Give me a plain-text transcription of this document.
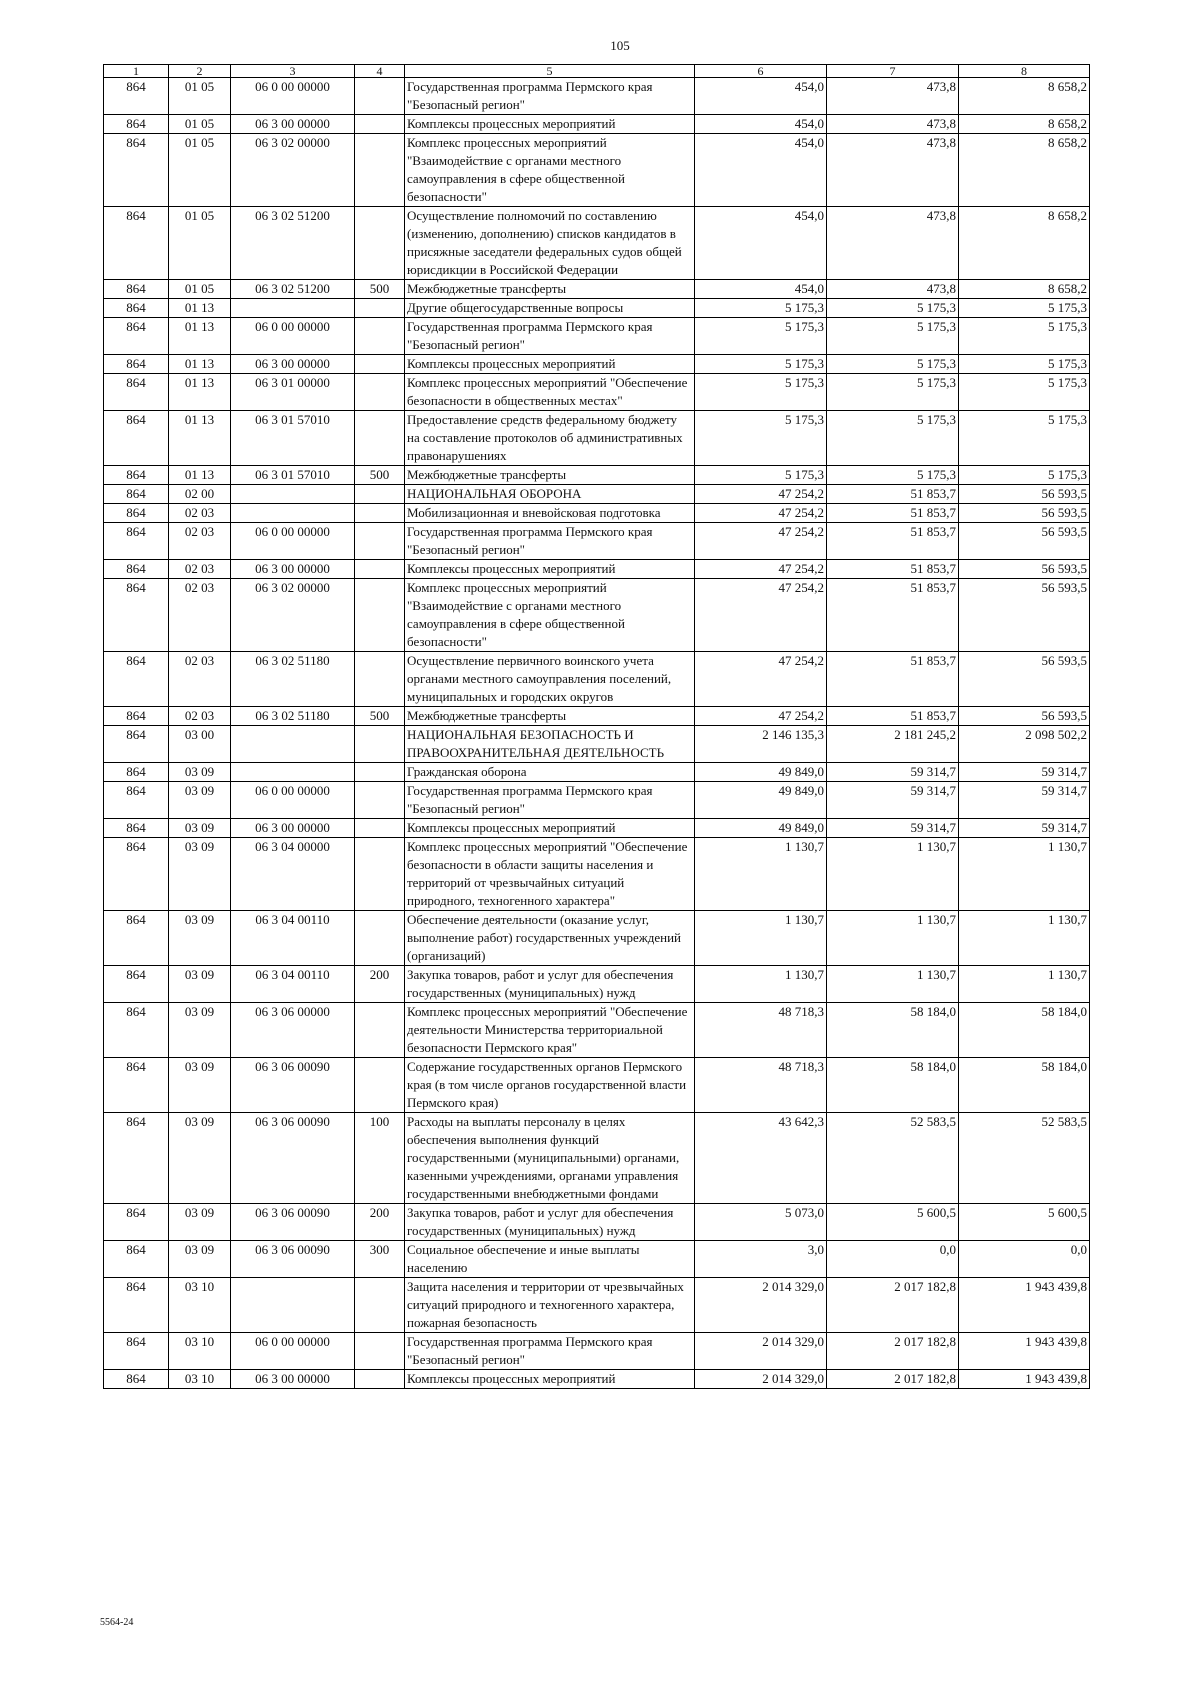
105
1	2	3	4	5	6	7	8
864	01 05	06 0 00 00000		Государственная программа Пермского края "Безопасный регион"	454,0	473,8	8 658,2
864	01 05	06 3 00 00000		Комплексы процессных мероприятий	454,0	473,8	8 658,2
864	01 05	06 3 02 00000		Комплекс процессных мероприятий "Взаимодействие с органами местного самоуправления в сфере общественной безопасности"	454,0	473,8	8 658,2
864	01 05	06 3 02 51200		Осуществление полномочий по составлению (изменению, дополнению) списков кандидатов в присяжные заседатели федеральных судов общей юрисдикции в Российской Федерации	454,0	473,8	8 658,2
864	01 05	06 3 02 51200	500	Межбюджетные трансферты	454,0	473,8	8 658,2
864	01 13			Другие общегосударственные вопросы	5 175,3	5 175,3	5 175,3
864	01 13	06 0 00 00000		Государственная программа Пермского края "Безопасный регион"	5 175,3	5 175,3	5 175,3
864	01 13	06 3 00 00000		Комплексы процессных мероприятий	5 175,3	5 175,3	5 175,3
864	01 13	06 3 01 00000		Комплекс процессных мероприятий "Обеспечение безопасности в общественных местах"	5 175,3	5 175,3	5 175,3
864	01 13	06 3 01 57010		Предоставление средств федеральному бюджету на составление протоколов об административных правонарушениях	5 175,3	5 175,3	5 175,3
864	01 13	06 3 01 57010	500	Межбюджетные трансферты	5 175,3	5 175,3	5 175,3
864	02 00			НАЦИОНАЛЬНАЯ ОБОРОНА	47 254,2	51 853,7	56 593,5
864	02 03			Мобилизационная и вневойсковая подготовка	47 254,2	51 853,7	56 593,5
864	02 03	06 0 00 00000		Государственная программа Пермского края "Безопасный регион"	47 254,2	51 853,7	56 593,5
864	02 03	06 3 00 00000		Комплексы процессных мероприятий	47 254,2	51 853,7	56 593,5
864	02 03	06 3 02 00000		Комплекс процессных мероприятий "Взаимодействие с органами местного самоуправления в сфере общественной безопасности"	47 254,2	51 853,7	56 593,5
864	02 03	06 3 02 51180		Осуществление первичного воинского учета органами местного самоуправления поселений, муниципальных и городских округов	47 254,2	51 853,7	56 593,5
864	02 03	06 3 02 51180	500	Межбюджетные трансферты	47 254,2	51 853,7	56 593,5
864	03 00			НАЦИОНАЛЬНАЯ БЕЗОПАСНОСТЬ И ПРАВООХРАНИТЕЛЬНАЯ ДЕЯТЕЛЬНОСТЬ	2 146 135,3	2 181 245,2	2 098 502,2
864	03 09			Гражданская оборона	49 849,0	59 314,7	59 314,7
864	03 09	06 0 00 00000		Государственная программа Пермского края "Безопасный регион"	49 849,0	59 314,7	59 314,7
864	03 09	06 3 00 00000		Комплексы процессных мероприятий	49 849,0	59 314,7	59 314,7
864	03 09	06 3 04 00000		Комплекс процессных мероприятий "Обеспечение безопасности в области защиты населения и территорий от чрезвычайных ситуаций природного, техногенного характера"	1 130,7	1 130,7	1 130,7
864	03 09	06 3 04 00110		Обеспечение деятельности (оказание услуг, выполнение работ) государственных учреждений (организаций)	1 130,7	1 130,7	1 130,7
864	03 09	06 3 04 00110	200	Закупка товаров, работ и услуг для обеспечения государственных (муниципальных) нужд	1 130,7	1 130,7	1 130,7
864	03 09	06 3 06 00000		Комплекс процессных мероприятий "Обеспечение деятельности Министерства территориальной безопасности Пермского края"	48 718,3	58 184,0	58 184,0
864	03 09	06 3 06 00090		Содержание государственных органов Пермского края (в том числе органов государственной власти Пермского края)	48 718,3	58 184,0	58 184,0
864	03 09	06 3 06 00090	100	Расходы на выплаты персоналу в целях обеспечения выполнения функций государственными (муниципальными) органами, казенными учреждениями, органами управления государственными внебюджетными фондами	43 642,3	52 583,5	52 583,5
864	03 09	06 3 06 00090	200	Закупка товаров, работ и услуг для обеспечения государственных (муниципальных) нужд	5 073,0	5 600,5	5 600,5
864	03 09	06 3 06 00090	300	Социальное обеспечение и иные выплаты населению	3,0	0,0	0,0
864	03 10			Защита населения и территории от чрезвычайных ситуаций природного и техногенного характера, пожарная безопасность	2 014 329,0	2 017 182,8	1 943 439,8
864	03 10	06 0 00 00000		Государственная программа Пермского края "Безопасный регион"	2 014 329,0	2 017 182,8	1 943 439,8
864	03 10	06 3 00 00000		Комплексы процессных мероприятий	2 014 329,0	2 017 182,8	1 943 439,8
5564-24
